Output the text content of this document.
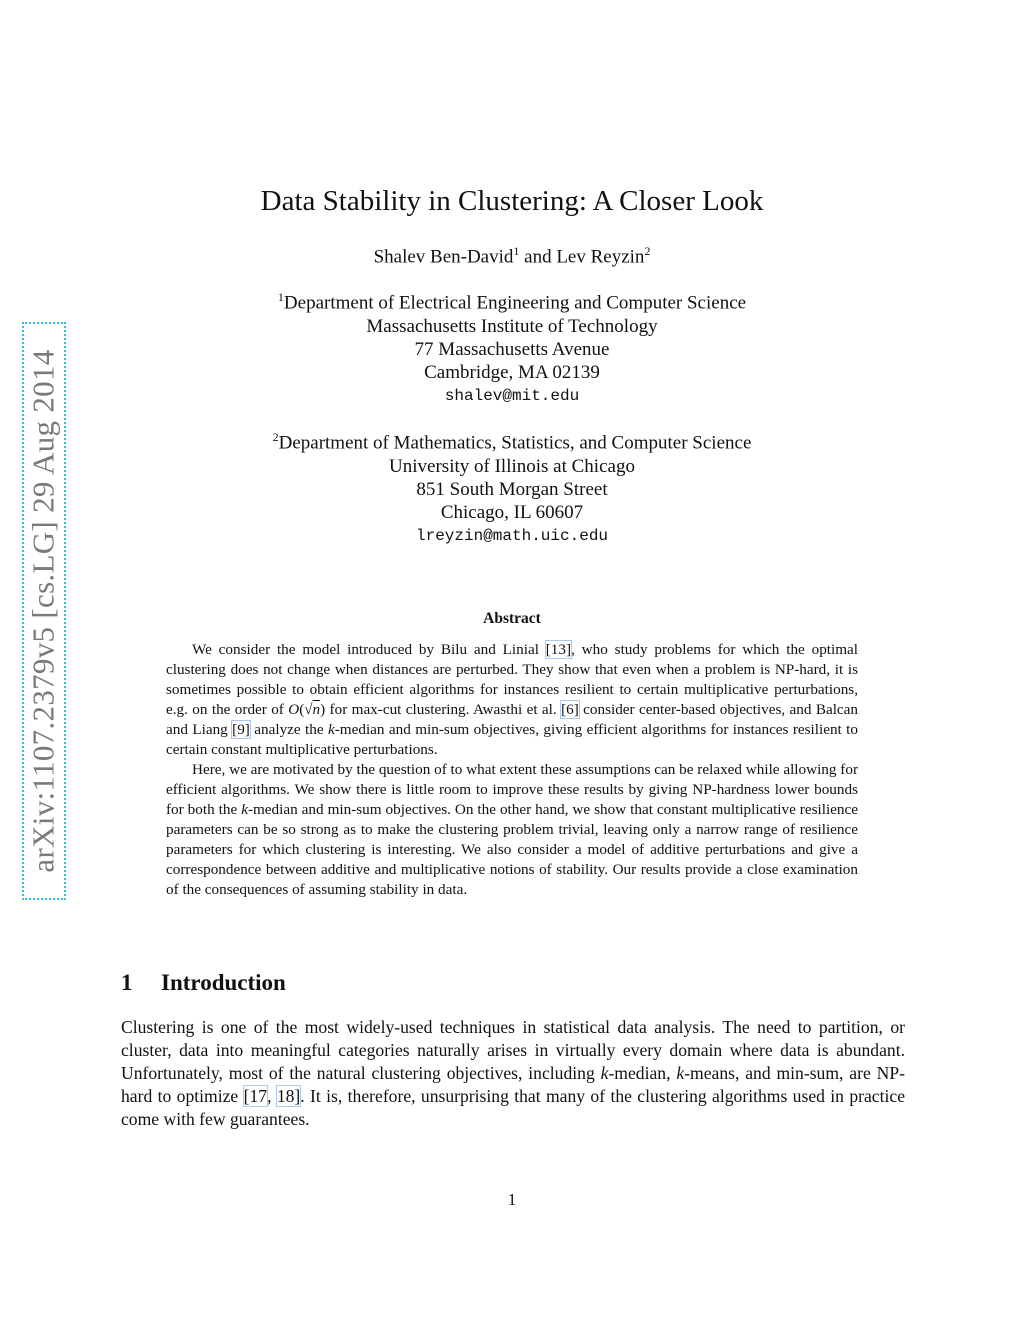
arXiv:1107.2379v5 [cs.LG] 29 Aug 2014
Data Stability in Clustering: A Closer Look
Shalev Ben-David$^1$ and Lev Reyzin$^2$
$^1$Department of Electrical Engineering and Computer Science
Massachusetts Institute of Technology
77 Massachusetts Avenue
Cambridge, MA 02139
shalev@mit.edu
$^2$Department of Mathematics, Statistics, and Computer Science
University of Illinois at Chicago
851 South Morgan Street
Chicago, IL 60607
lreyzin@math.uic.edu
Abstract

We consider the model introduced by Bilu and Linial [13], who study problems for which the optimal clustering does not change when distances are perturbed. They show that even when a problem is NP-hard, it is sometimes possible to obtain efficient algorithms for instances resilient to certain multiplicative perturbations, e.g. on the order of O(√n) for max-cut clustering. Awasthi et al. [6] consider center-based objectives, and Balcan and Liang [9] analyze the k-median and min-sum objectives, giving efficient algorithms for instances resilient to certain constant multiplicative perturbations.

Here, we are motivated by the question of to what extent these assumptions can be relaxed while allowing for efficient algorithms. We show there is little room to improve these results by giving NP-hardness lower bounds for both the k-median and min-sum objectives. On the other hand, we show that constant multiplicative resilience parameters can be so strong as to make the clustering problem trivial, leaving only a narrow range of resilience parameters for which clustering is interesting. We also consider a model of additive perturbations and give a correspondence between additive and multiplicative notions of stability. Our results provide a close examination of the consequences of assuming stability in data.

1 Introduction

Clustering is one of the most widely-used techniques in statistical data analysis. The need to partition, or cluster, data into meaningful categories naturally arises in virtually every domain where data is abundant. Unfortunately, most of the natural clustering objectives, including k-median, k-means, and min-sum, are NP-hard to optimize [17, 18]. It is, therefore, unsurprising that many of the clustering algorithms used in practice come with few guarantees.

1
